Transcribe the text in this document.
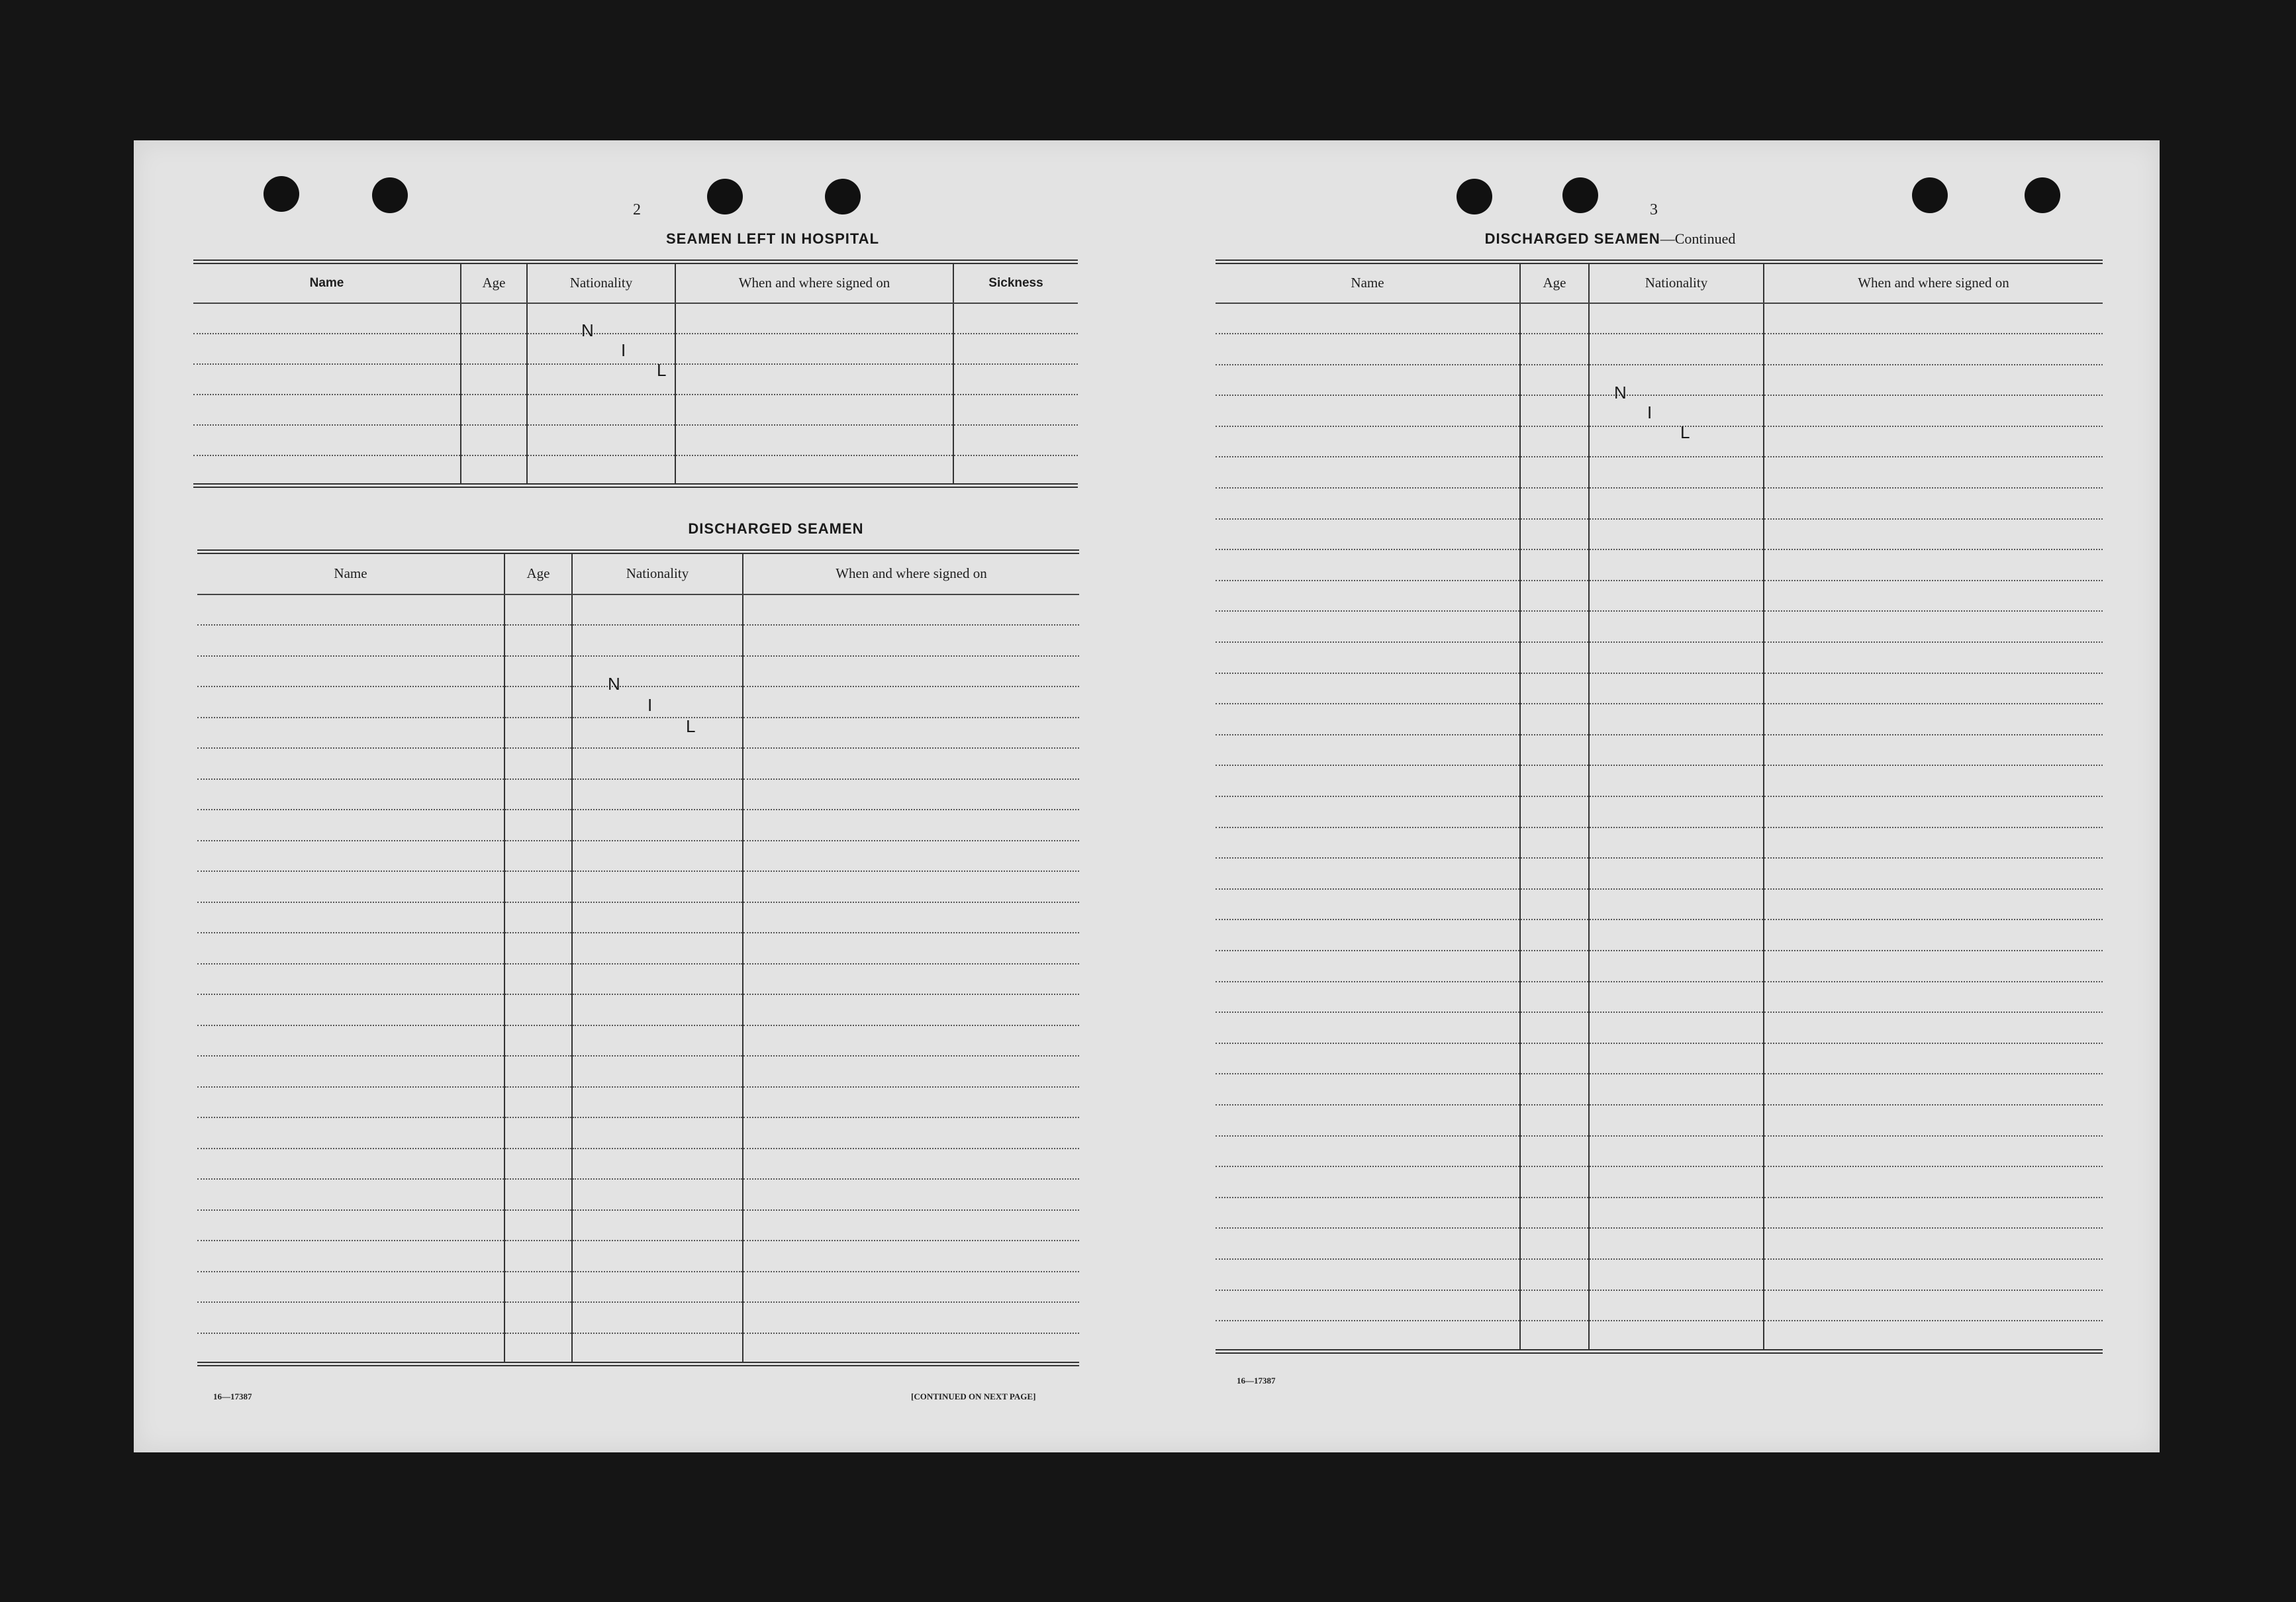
2
SEAMEN LEFT IN HOSPITAL
Name	Age	Nationality	When and where signed on	Sickness

N
I
L
DISCHARGED SEAMEN
Name	Age	Nationality	When and where signed on

N
I
L
16—17387	[CONTINUED ON NEXT PAGE]
3
DISCHARGED SEAMEN—Continued
Name	Age	Nationality	When and where signed on

N
I
L
16—17387
